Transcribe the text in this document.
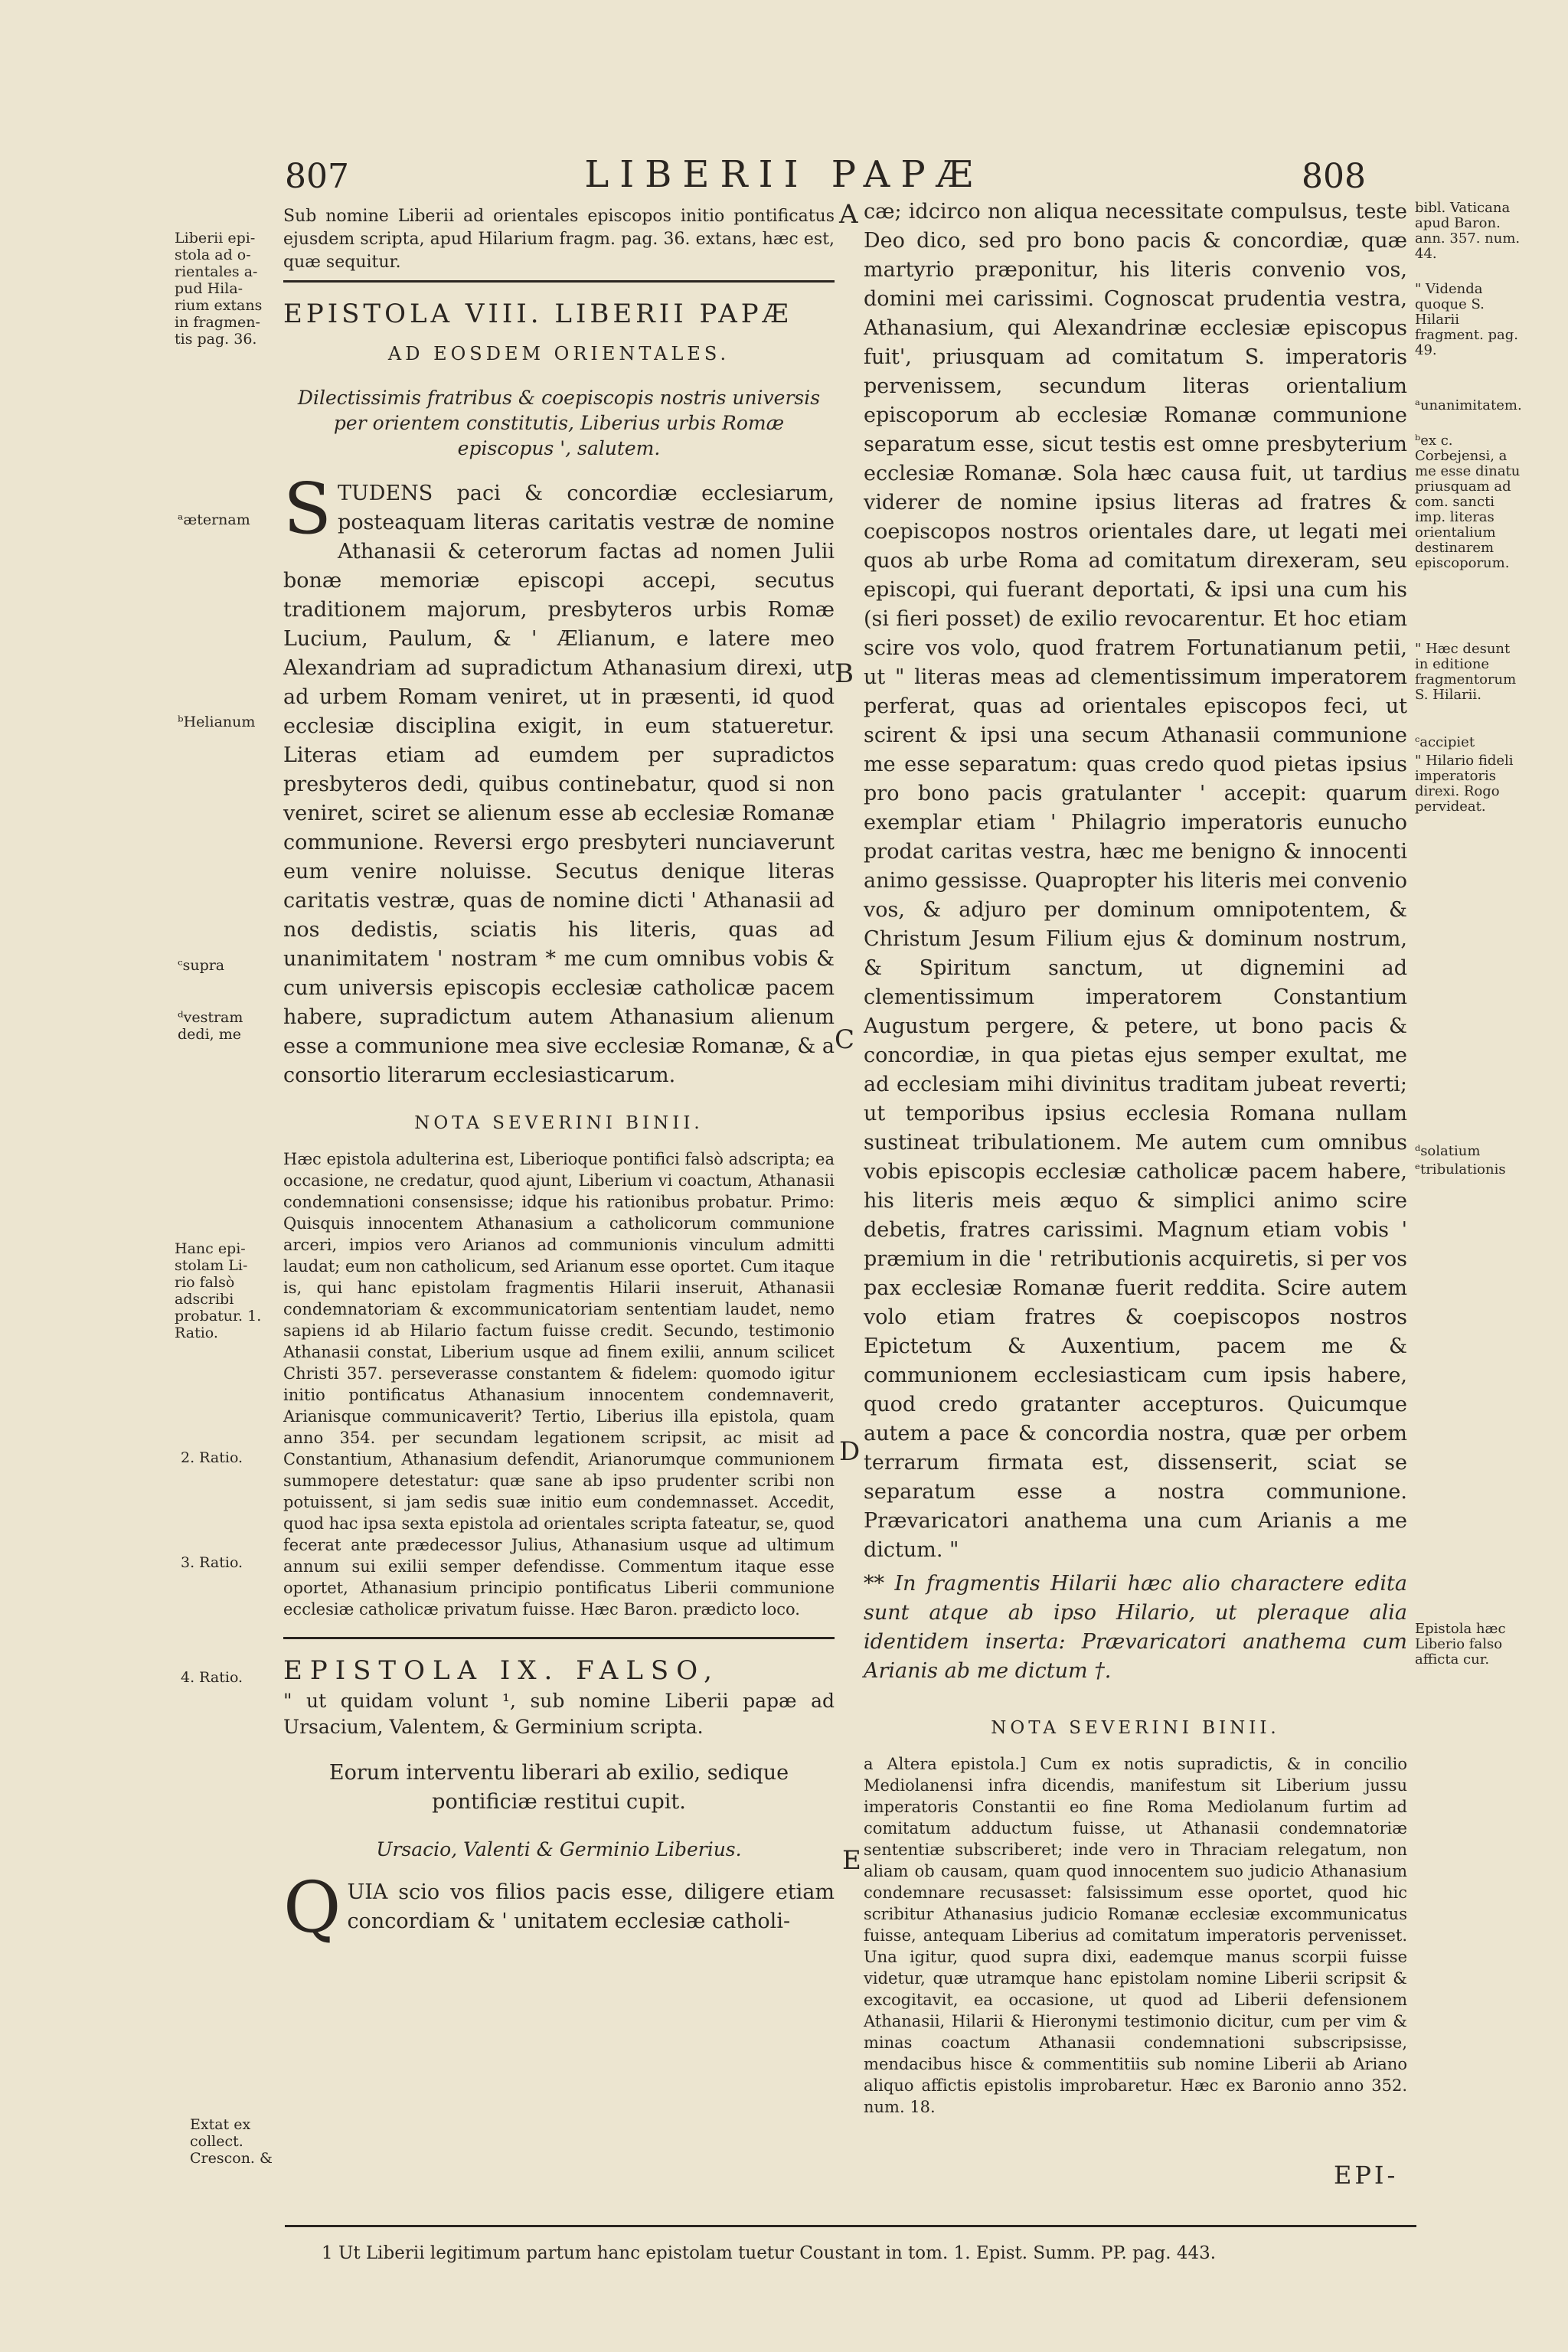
807	LIBERII PAPÆ	808
Liberii epi-stola ad o-rientales a-pud Hila-rium extans in fragmen-tis pag. 36.
ᵃæternam
ᵇHelianum
ᶜsupra
ᵈvestram dedi, me
Hanc epi-stolam Li-rio falsò adscribi probatur. 1. Ratio.
2. Ratio.
3. Ratio.
4. Ratio.
Extat ex collect. Crescon. &

Sub nomine Liberii ad orientales episcopos initio pontificatus ejusdem scripta, apud Hilarium fragm. pag. 36. extans, hæc est, quæ sequitur.

EPISTOLA VIII. LIBERII PAPÆ
AD EOSDEM ORIENTALES.
Dilectissimis fratribus & coepiscopis nostris universis per orientem constitutis, Liberius urbis Romæ episcopus ', salutem.

S TUDENS paci & concordiæ ecclesiarum, posteaquam literas caritatis vestræ de nomine Athanasii & ceterorum factas ad nomen Julii bonæ memoriæ episcopi accepi, secutus traditionem majorum, presbyteros urbis Romæ Lucium, Paulum, & ' Ælianum, e latere meo Alexandriam ad supradictum Athanasium direxi, ut ad urbem Romam veniret, ut in præsenti, id quod ecclesiæ disciplina exigit, in eum statueretur. Literas etiam ad eumdem per supradictos presbyteros dedi, quibus continebatur, quod si non veniret, sciret se alienum esse ab ecclesiæ Romanæ communione. Reversi ergo presbyteri nunciaverunt eum venire noluisse. Secutus denique literas caritatis vestræ, quas de nomine dicti ' Athanasii ad nos dedistis, sciatis his literis, quas ad unanimitatem ' nostram * me cum omnibus vobis & cum universis episcopis ecclesiæ catholicæ pacem habere, supradictum autem Athanasium alienum esse a communione mea sive ecclesiæ Romanæ, & a consortio literarum ecclesiasticarum.

NOTA SEVERINI BINII.

Hæc epistola adulterina est, Liberioque pontifici falsò adscripta; ea occasione, ne credatur, quod ajunt, Liberium vi coactum, Athanasii condemnationi consensisse; idque his rationibus probatur. Primo: Quisquis innocentem Athanasium a catholicorum communione arceri, impios vero Arianos ad communionis vinculum admitti laudat; eum non catholicum, sed Arianum esse oportet. Cum itaque is, qui hanc epistolam fragmentis Hilarii inseruit, Athanasii condemnatoriam & excommunicatoriam sententiam laudet, nemo sapiens id ab Hilario factum fuisse credit. Secundo, testimonio Athanasii constat, Liberium usque ad finem exilii, annum scilicet Christi 357. perseverasse constantem & fidelem: quomodo igitur initio pontificatus Athanasium innocentem condemnaverit, Arianisque communicaverit? Tertio, Liberius illa epistola, quam anno 354. per secundam legationem scripsit, ac misit ad Constantium, Athanasium defendit, Arianorumque communionem summopere detestatur: quæ sane ab ipso prudenter scribi non potuissent, si jam sedis suæ initio eum condemnasset. Accedit, quod hac ipsa sexta epistola ad orientales scripta fateatur, se, quod fecerat ante prædecessor Julius, Athanasium usque ad ultimum annum sui exilii semper defendisse. Commentum itaque esse oportet, Athanasium principio pontificatus Liberii communione ecclesiæ catholicæ privatum fuisse. Hæc Baron. prædicto loco.

EPISTOLA IX. FALSO,
" ut quidam volunt ¹, sub nomine Liberii papæ ad Ursacium, Valentem, & Germinium scripta.
Eorum interventu liberari ab exilio, sedique pontificiæ restitui cupit.
Ursacio, Valenti & Germinio Liberius.

Q UIA scio vos filios pacis esse, diligere etiam concordiam & ' unitatem ecclesiæ catholi-

A
B
C
D
E

cæ; idcirco non aliqua necessitate compulsus, teste Deo dico, sed pro bono pacis & concordiæ, quæ martyrio præponitur, his literis convenio vos, domini mei carissimi. Cognoscat prudentia vestra, Athanasium, qui Alexandrinæ ecclesiæ episcopus fuit', priusquam ad comitatum S. imperatoris pervenissem, secundum literas orientalium episcoporum ab ecclesiæ Romanæ communione separatum esse, sicut testis est omne presbyterium ecclesiæ Romanæ. Sola hæc causa fuit, ut tardius viderer de nomine ipsius literas ad fratres & coepiscopos nostros orientales dare, ut legati mei quos ab urbe Roma ad comitatum direxeram, seu episcopi, qui fuerant deportati, & ipsi una cum his (si fieri posset) de exilio revocarentur. Et hoc etiam scire vos volo, quod fratrem Fortunatianum petii, ut " literas meas ad clementissimum imperatorem perferat, quas ad orientales episcopos feci, ut scirent & ipsi una secum Athanasii communione me esse separatum: quas credo quod pietas ipsius pro bono pacis gratulanter ' accepit: quarum exemplar etiam ' Philagrio imperatoris eunucho prodat caritas vestra, hæc me benigno & innocenti animo gessisse. Quapropter his literis mei convenio vos, & adjuro per dominum omnipotentem, & Christum Jesum Filium ejus & dominum nostrum, & Spiritum sanctum, ut dignemini ad clementissimum imperatorem Constantium Augustum pergere, & petere, ut bono pacis & concordiæ, in qua pietas ejus semper exultat, me ad ecclesiam mihi divinitus traditam jubeat reverti; ut temporibus ipsius ecclesia Romana nullam sustineat tribulationem. Me autem cum omnibus vobis episcopis ecclesiæ catholicæ pacem habere, his literis meis æquo & simplici animo scire debetis, fratres carissimi. Magnum etiam vobis ' præmium in die ' retributionis acquiretis, si per vos pax ecclesiæ Romanæ fuerit reddita. Scire autem volo etiam fratres & coepiscopos nostros Epictetum & Auxentium, pacem me & communionem ecclesiasticam cum ipsis habere, quod credo gratanter accepturos. Quicumque autem a pace & concordia nostra, quæ per orbem terrarum firmata est, dissenserit, sciat se separatum esse a nostra communione. Prævaricatori anathema una cum Arianis a me dictum. "

** In fragmentis Hilarii hæc alio charactere edita sunt atque ab ipso Hilario, ut pleraque alia identidem inserta: Prævaricatori anathema cum Arianis ab me dictum †.

NOTA SEVERINI BINII.

a Altera epistola.] Cum ex notis supradictis, & in concilio Mediolanensi infra dicendis, manifestum sit Liberium jussu imperatoris Constantii eo fine Roma Mediolanum furtim ad comitatum adductum fuisse, ut Athanasii condemnatoriæ sententiæ subscriberet; inde vero in Thraciam relegatum, non aliam ob causam, quam quod innocentem suo judicio Athanasium condemnare recusasset: falsissimum esse oportet, quod hic scribitur Athanasius judicio Romanæ ecclesiæ excommunicatus fuisse, antequam Liberius ad comitatum imperatoris pervenisset. Una igitur, quod supra dixi, eademque manus scorpii fuisse videtur, quæ utramque hanc epistolam nomine Liberii scripsit & excogitavit, ea occasione, ut quod ad Liberii defensionem Athanasii, Hilarii & Hieronymi testimonio dicitur, cum per vim & minas coactum Athanasii condemnationi subscripsisse, mendacibus hisce & commentitiis sub nomine Liberii ab Ariano aliquo affictis epistolis improbaretur. Hæc ex Baronio anno 352. num. 18.

bibl. Vaticana apud Baron. ann. 357. num. 44.
" Videnda quoque S. Hilarii fragment. pag. 49.
ᵃunanimitatem.
ᵇex c. Corbejensi, a me esse dinatu priusquam ad com. sancti imp. literas orientalium destinarem episcoporum.
" Hæc desunt in editione fragmentorum S. Hilarii.
ᶜaccipiet
" Hilario fideli imperatoris direxi. Rogo pervideat.
ᵈsolatium
ᵉtribulationis
Epistola hæc Liberio falso afficta cur.
EPI-
1 Ut Liberii legitimum partum hanc epistolam tuetur Coustant in tom. 1. Epist. Summ. PP. pag. 443.
